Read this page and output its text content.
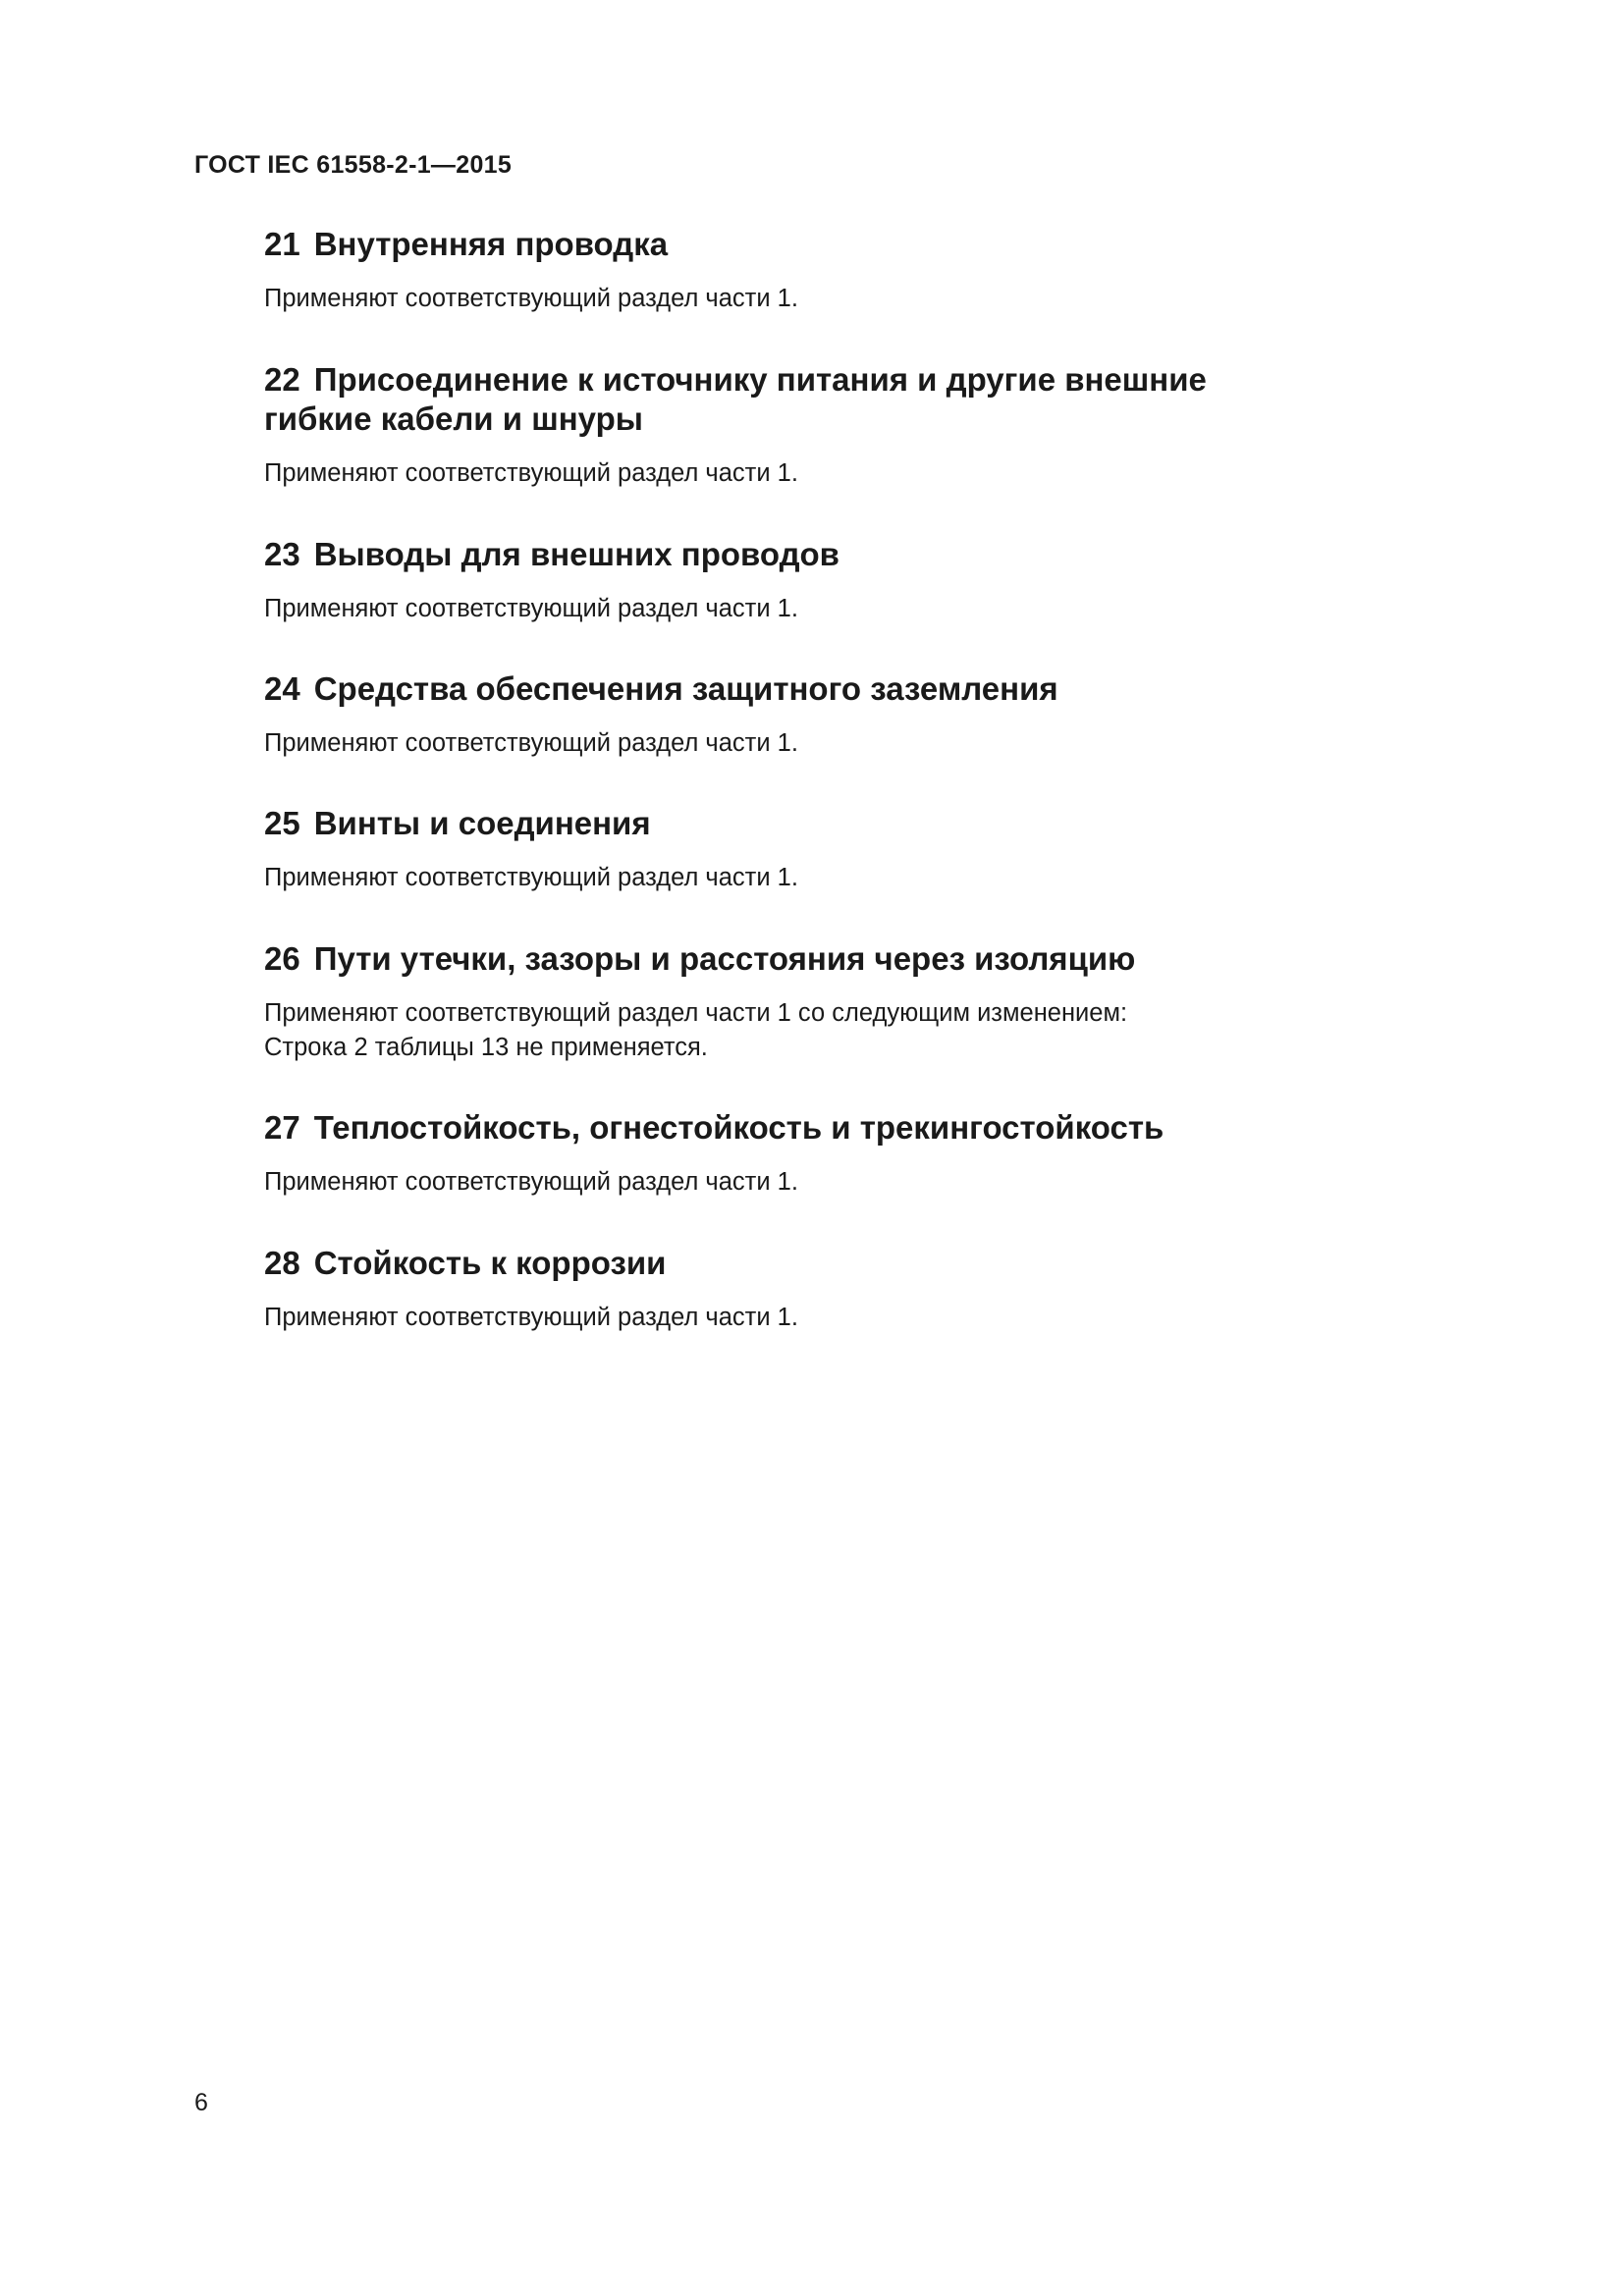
ГОСТ IEC 61558-2-1—2015
21 Внутренняя проводка

Применяют соответствующий раздел части 1.

22 Присоединение к источнику питания и другие внешние
гибкие кабели и шнуры

Применяют соответствующий раздел части 1.

23 Выводы для внешних проводов

Применяют соответствующий раздел части 1.

24 Средства обеспечения защитного заземления

Применяют соответствующий раздел части 1.

25 Винты и соединения

Применяют соответствующий раздел части 1.

26 Пути утечки, зазоры и расстояния через изоляцию

Применяют соответствующий раздел части 1 со следующим изменением:

Строка 2 таблицы 13 не применяется.

27 Теплостойкость, огнестойкость и трекингостойкость

Применяют соответствующий раздел части 1.

28 Стойкость к коррозии

Применяют соответствующий раздел части 1.

6
